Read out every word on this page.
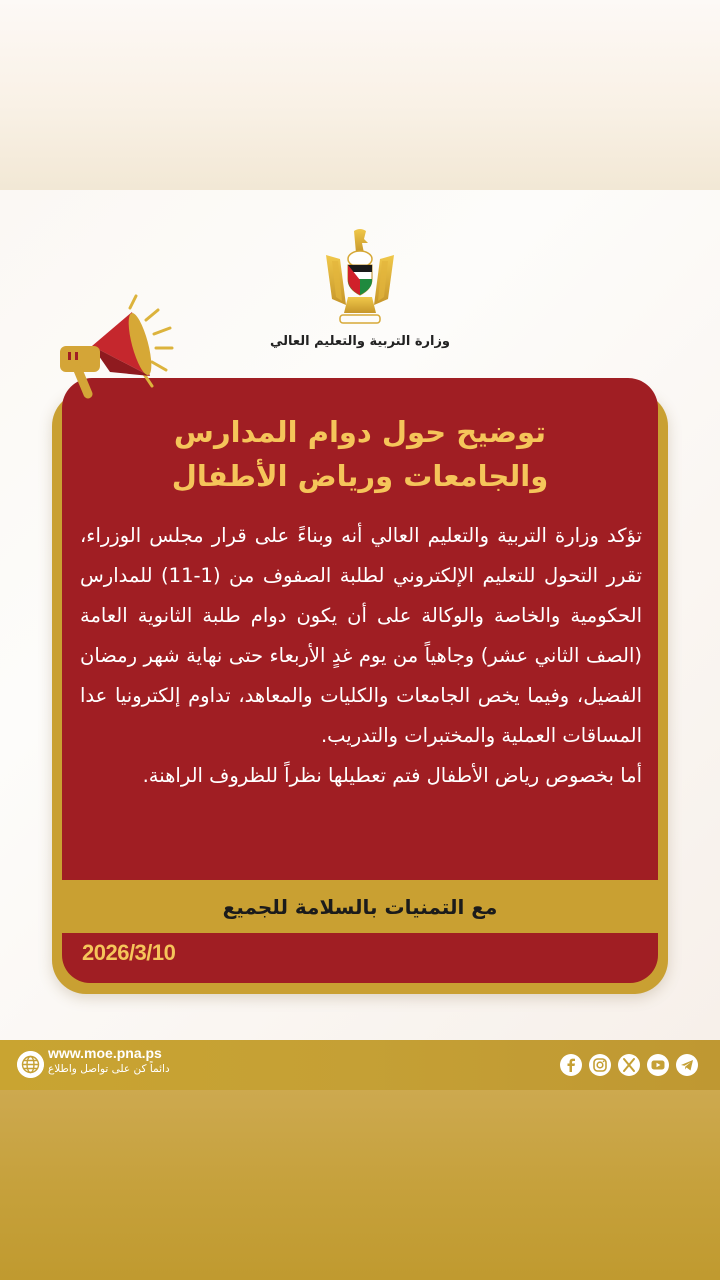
وزارة التربية والتعليم العالي
توضيح حول دوام المدارس
والجامعات ورياض الأطفال

تؤكد وزارة التربية والتعليم العالي أنه وبناءً على قرار مجلس الوزراء، تقرر التحول للتعليم الإلكتروني لطلبة الصفوف من (1-11) للمدارس الحكومية والخاصة والوكالة على أن يكون دوام طلبة الثانوية العامة (الصف الثاني عشر) وجاهياً من يوم غدٍ الأربعاء حتى نهاية شهر رمضان الفضيل، وفيما يخص الجامعات والكليات والمعاهد، تداوم إلكترونيا عدا المساقات العملية والمختبرات والتدريب.

أما بخصوص رياض الأطفال فتم تعطيلها نظراً للظروف الراهنة.

مع التمنيات بالسلامة للجميع
2026/3/10
www.moe.pna.ps
دائماً كن على تواصل واطلاع
